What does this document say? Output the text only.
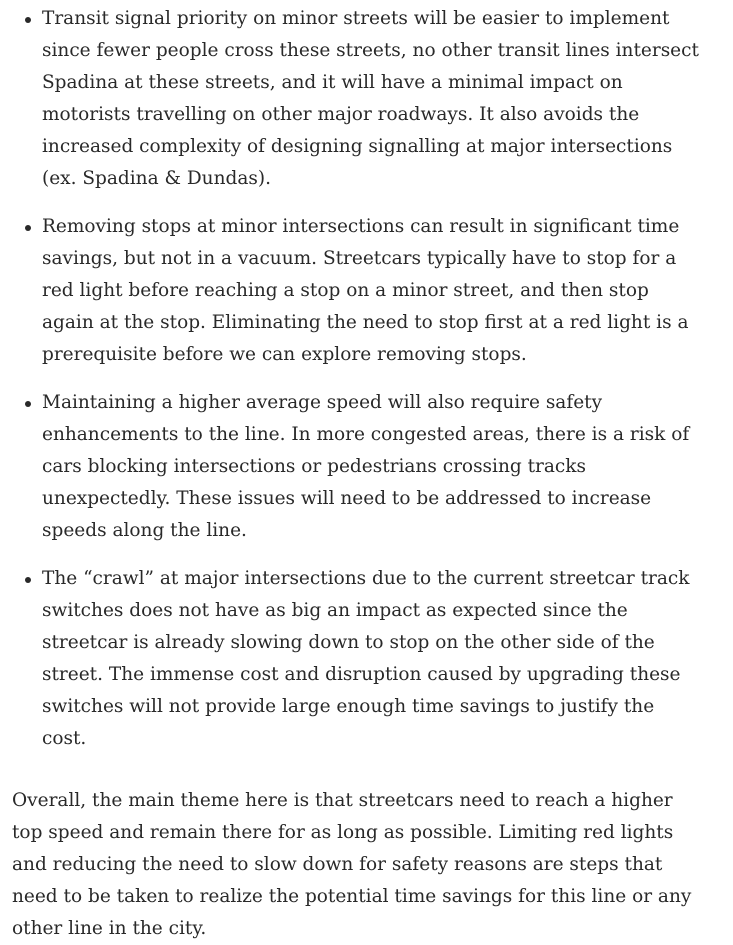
Transit signal priority on minor streets will be easier to implement since fewer people cross these streets, no other transit lines intersect Spadina at these streets, and it will have a minimal impact on motorists travelling on other major roadways. It also avoids the increased complexity of designing signalling at major intersections (ex. Spadina & Dundas).
Removing stops at minor intersections can result in significant time savings, but not in a vacuum. Streetcars typically have to stop for a red light before reaching a stop on a minor street, and then stop again at the stop. Eliminating the need to stop first at a red light is a prerequisite before we can explore removing stops.
Maintaining a higher average speed will also require safety enhancements to the line. In more congested areas, there is a risk of cars blocking intersections or pedestrians crossing tracks unexpectedly. These issues will need to be addressed to increase speeds along the line.
The “crawl” at major intersections due to the current streetcar track switches does not have as big an impact as expected since the streetcar is already slowing down to stop on the other side of the street. The immense cost and disruption caused by upgrading these switches will not provide large enough time savings to justify the cost.

Overall, the main theme here is that streetcars need to reach a higher top speed and remain there for as long as possible. Limiting red lights and reducing the need to slow down for safety reasons are steps that need to be taken to realize the potential time savings for this line or any other line in the city.
